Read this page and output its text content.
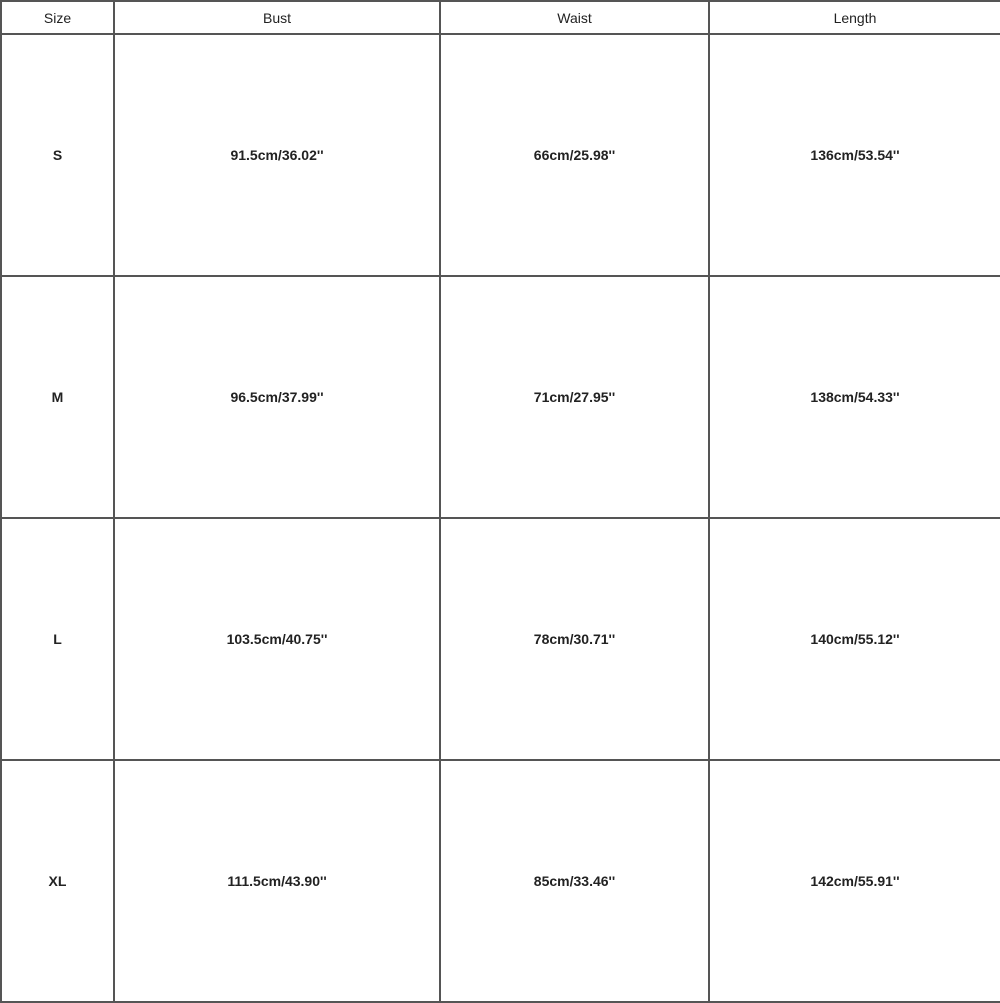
Size	Bust	Waist	Length
S	91.5cm/36.02''	66cm/25.98''	136cm/53.54''
M	96.5cm/37.99''	71cm/27.95''	138cm/54.33''
L	103.5cm/40.75''	78cm/30.71''	140cm/55.12''
XL	111.5cm/43.90''	85cm/33.46''	142cm/55.91''
